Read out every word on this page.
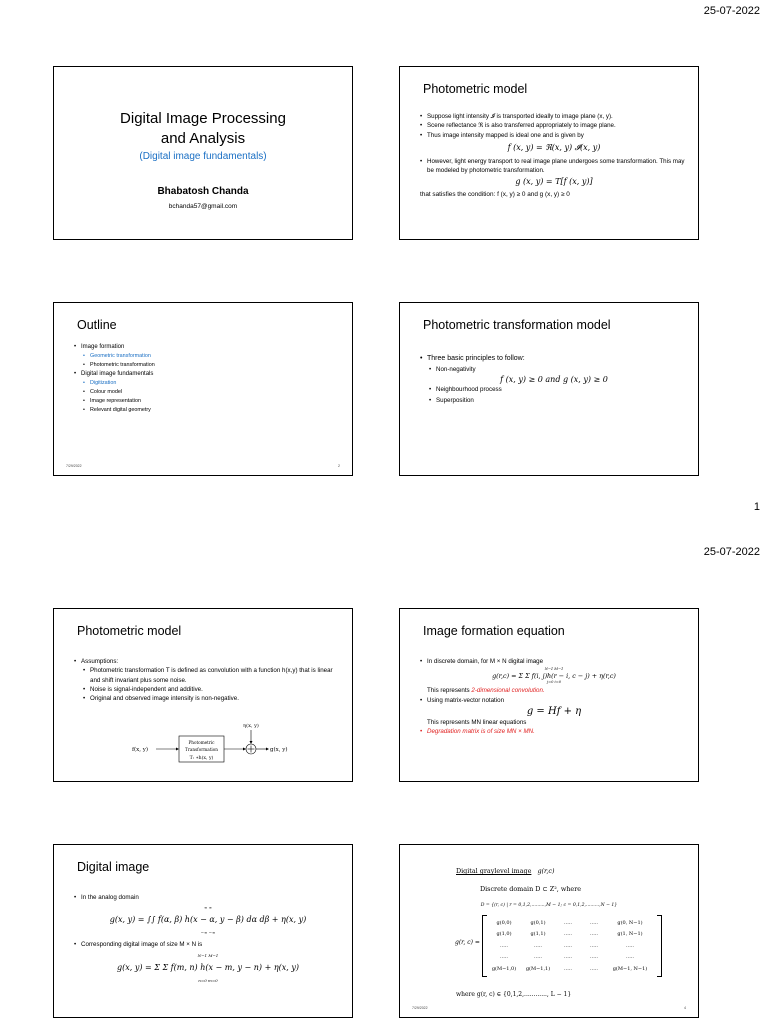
25-07-2022
Digital Image Processing
and Analysis
(Digital image fundamentals)
Bhabatosh Chanda
bchanda57@gmail.com
Photometric model
• Suppose light intensity 𝓘 is transported ideally to image plane (x, y).
• Scene reflectance ℜ is also transferred appropriately to image plane.
• Thus image intensity mapped is ideal one and is given by
f (x, y) = ℜ(x, y) 𝓘(x, y)
• However, light energy transport to real image plane undergoes some transformation. This may be modeled by photometric transformation.
g (x, y) = T[f (x, y)]
that satisfies the condition: f (x, y) ≥ 0 and g (x, y) ≥ 0
Outline
• Image formation
• Geometric transformation
• Photometric transformation
• Digital image fundamentals
• Digitization
• Colour model
• Image representation
• Relevant digital geometry
7/29/2022	2
Photometric transformation model
• Three basic principles to follow:
• Non-negativity
f (x, y) ≥ 0 and g (x, y) ≥ 0
• Neighbourhood process
• Superposition
1
25-07-2022
Photometric model
• Assumptions:
• Photometric transformation T is defined as convolution with a function h(x,y) that is linear and shift invariant plus some noise.
• Noise is signal-independent and additive.
• Original and observed image intensity is non-negative.
f(x, y)
Photometric
Transformation
T: ∗h(x, y)
η(x, y)
g(x, y)
Image formation equation
• In discrete domain, for M × N digital image
N−1 M−1
g(r,c) = Σ Σ f(i, j)h(r − i, c − j) + η(r,c)
j=0 i=0
This represents 2-dimensional convolution.
• Using matrix-vector notation
g = Hf + η
This represents MN linear equations
• Degradation matrix is of size MN × MN.
Digital image
• In the analog domain
∞ ∞
g(x, y) = ∫∫ f(α, β) h(x − α, y − β) dα dβ + η(x, y)
−∞ −∞
• Corresponding digital image of size M × N is
N−1 M−1
g(x, y) = Σ Σ f(m, n) h(x − m, y − n) + η(x, y)
n=0 m=0
Digital graylevel image g(r,c)
Discrete domain D ⊂ Z², where
D = {(r, c) | r = 0,1,2,.........,M − 1; c = 0,1,2,.........,N − 1}
g(r, c) =
g(0,0)	g(0,1)	.....	.....	g(0, N−1)
g(1,0)	g(1,1)	.....	.....	g(1, N−1)
.....	.....	.....	.....	.....
.....	.....	.....	.....	.....
g(M−1,0) g(M−1,1)	.....	.....	g(M−1, N−1)
where g(r, c) ∈ {0,1,2,............, L − 1}
7/29/2022	4
